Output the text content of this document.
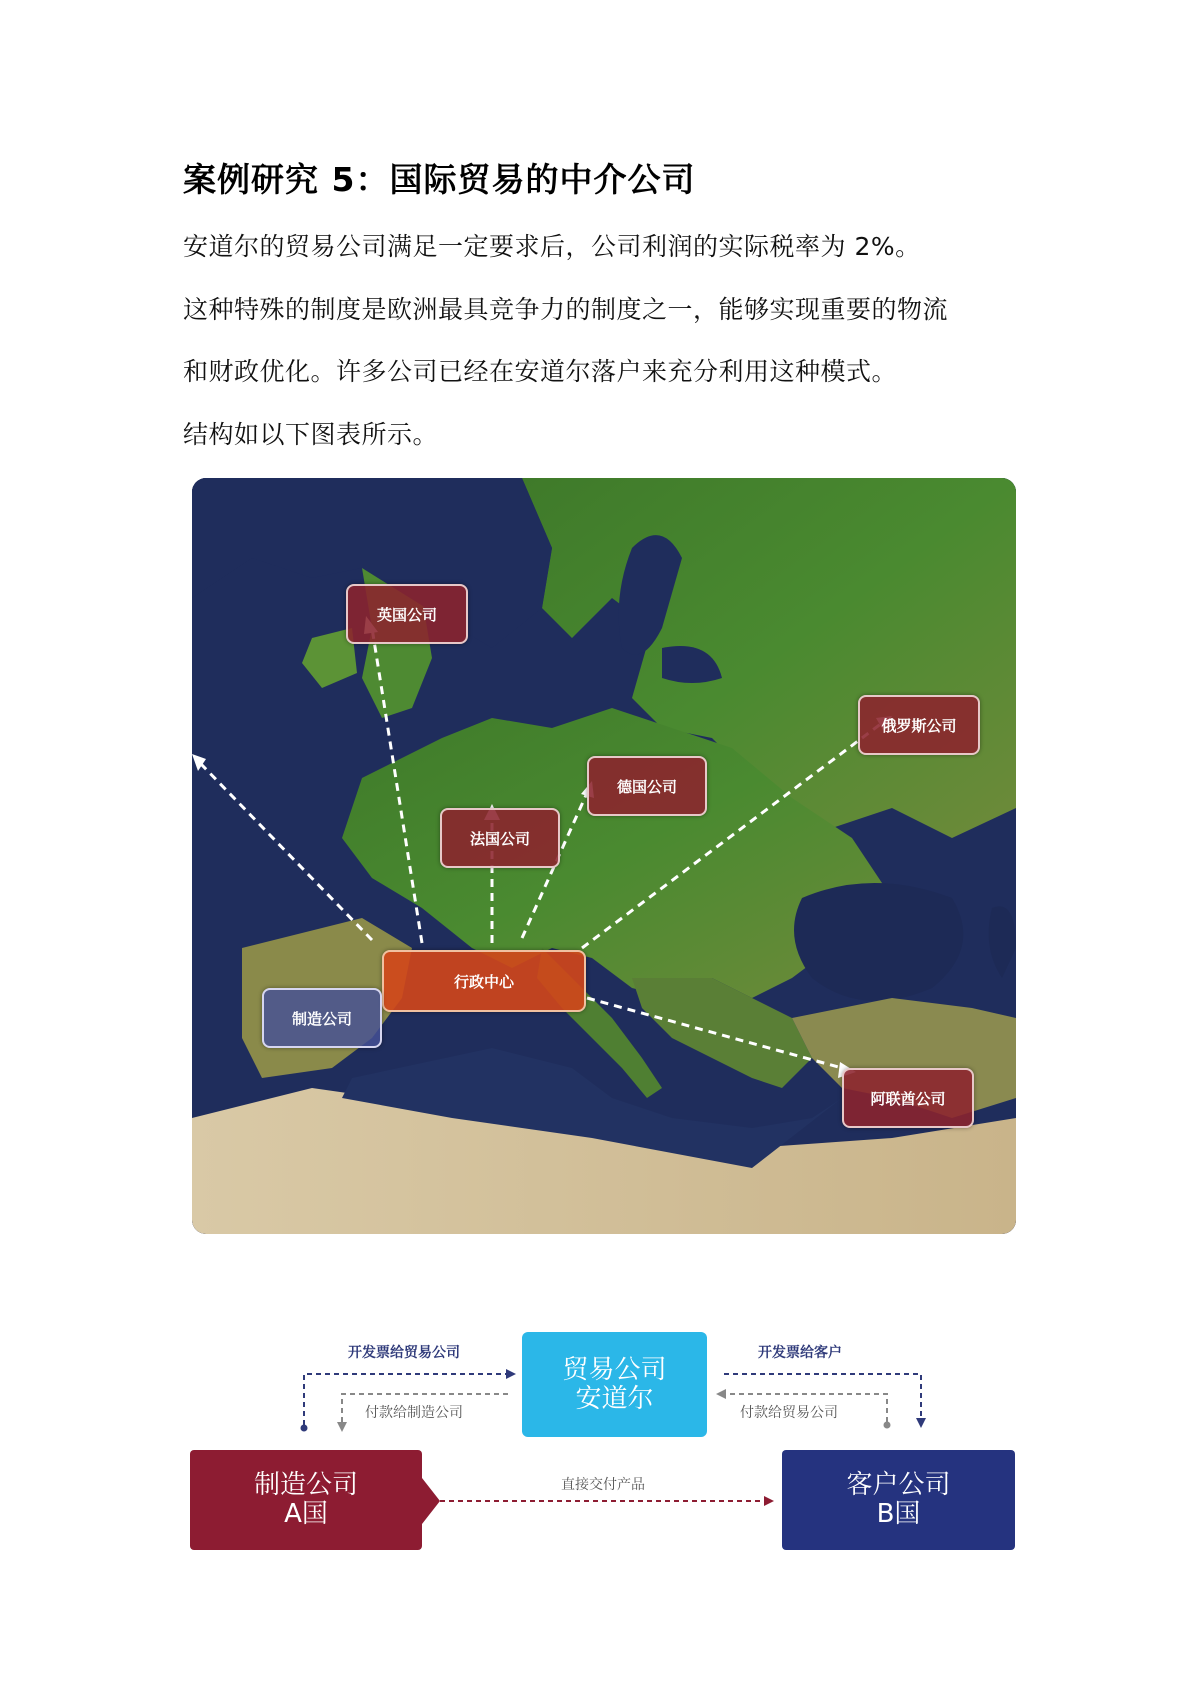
案例研究 5：国际贸易的中介公司
安道尔的贸易公司满足一定要求后，公司利润的实际税率为 2%。
这种特殊的制度是欧洲最具竞争力的制度之一，能够实现重要的物流
和财政优化。许多公司已经在安道尔落户来充分利用这种模式。
结构如以下图表所示。
英国公司
俄罗斯公司
德国公司
法国公司
行政中心
制造公司
阿联酋公司
开发票给贸易公司
付款给制造公司
开发票给客户
付款给贸易公司
直接交付产品
贸易公司
安道尔
制造公司
A国
客户公司
B国
